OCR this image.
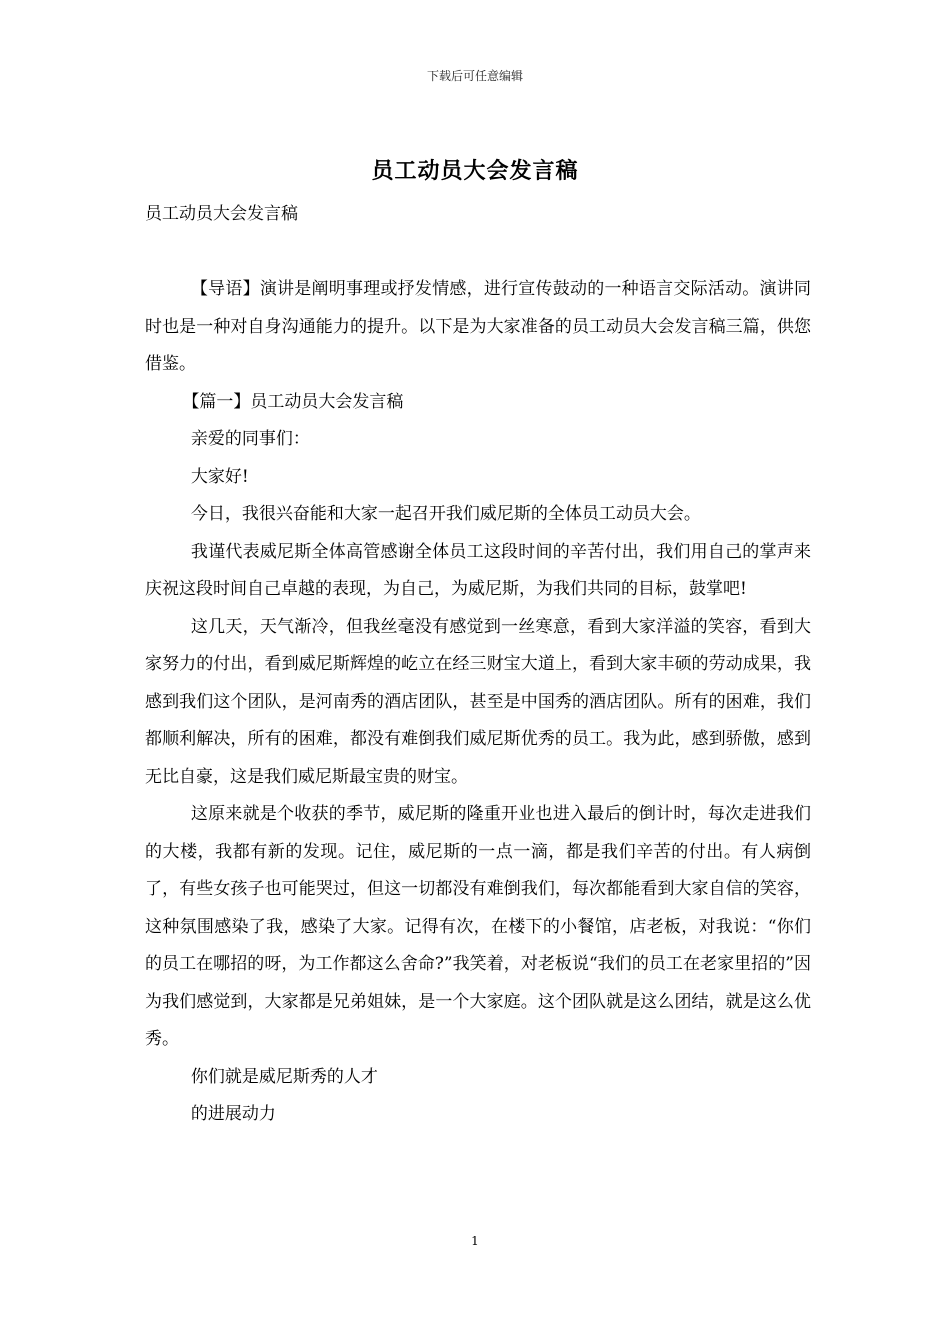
下载后可任意编辑
员工动员大会发言稿

员工动员大会发言稿

【导语】演讲是阐明事理或抒发情感，进行宣传鼓动的一种语言交际活动。演讲同时也是一种对自身沟通能力的提升。以下是为大家准备的员工动员大会发言稿三篇，供您借鉴。

【篇一】员工动员大会发言稿

亲爱的同事们：

大家好!

今日，我很兴奋能和大家一起召开我们威尼斯的全体员工动员大会。

我谨代表威尼斯全体高管感谢全体员工这段时间的辛苦付出，我们用自己的掌声来庆祝这段时间自己卓越的表现，为自己，为威尼斯，为我们共同的目标，鼓掌吧!

这几天，天气渐冷，但我丝毫没有感觉到一丝寒意，看到大家洋溢的笑容，看到大家努力的付出，看到威尼斯辉煌的屹立在经三财宝大道上，看到大家丰硕的劳动成果，我感到我们这个团队，是河南秀的酒店团队，甚至是中国秀的酒店团队。所有的困难，我们都顺利解决，所有的困难，都没有难倒我们威尼斯优秀的员工。我为此，感到骄傲，感到无比自豪，这是我们威尼斯最宝贵的财宝。

这原来就是个收获的季节，威尼斯的隆重开业也进入最后的倒计时，每次走进我们的大楼，我都有新的发现。记住，威尼斯的一点一滴，都是我们辛苦的付出。有人病倒了，有些女孩子也可能哭过，但这一切都没有难倒我们，每次都能看到大家自信的笑容，这种氛围感染了我，感染了大家。记得有次，在楼下的小餐馆，店老板，对我说：“你们的员工在哪招的呀，为工作都这么舍命?”我笑着，对老板说“我们的员工在老家里招的”因为我们感觉到，大家都是兄弟姐妹，是一个大家庭。这个团队就是这么团结，就是这么优秀。

你们就是威尼斯秀的人才

的进展动力

1
